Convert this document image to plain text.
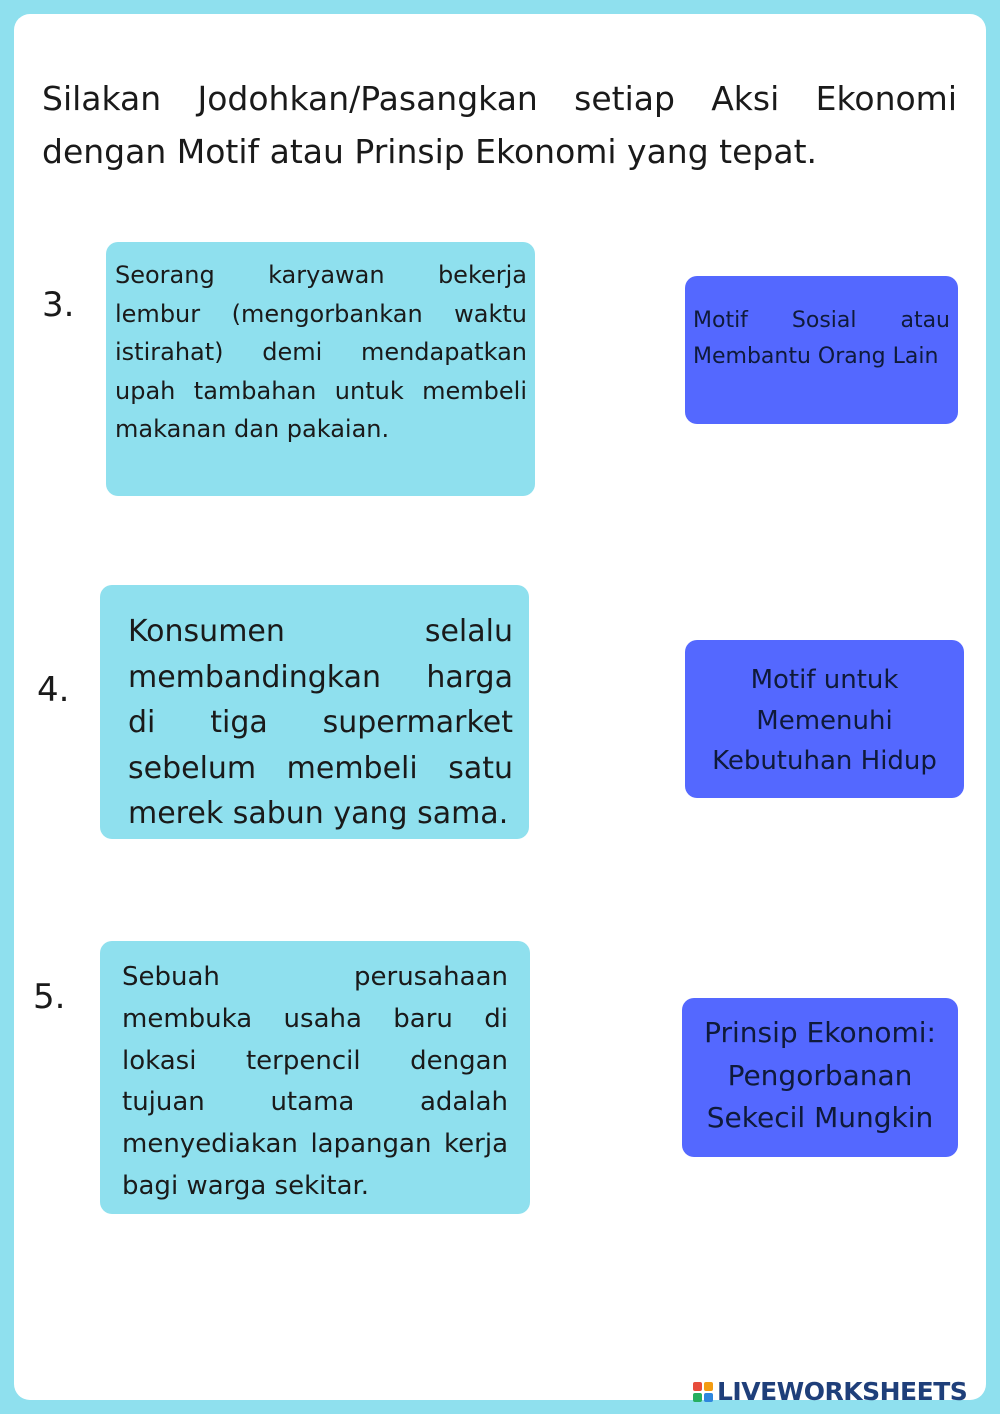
Silakan Jodohkan/Pasangkan setiap Aksi Ekonomi dengan Motif atau Prinsip Ekonomi yang tepat.
3.
Seorang karyawan bekerja lembur (mengorbankan waktu istirahat) demi mendapatkan upah tambahan untuk membeli makanan dan pakaian.
4.
Konsumen selalu membandingkan harga di tiga supermarket sebelum membeli satu merek sabun yang sama.
5.	Sebuah perusahaan membuka usaha baru di lokasi terpencil dengan tujuan utama adalah menyediakan lapangan kerja bagi warga sekitar.
Motif Sosial atau Membantu Orang Lain
Motif untuk Memenuhi Kebutuhan Hidup
Prinsip Ekonomi: Pengorbanan Sekecil Mungkin
LIVEWORKSHEETS
